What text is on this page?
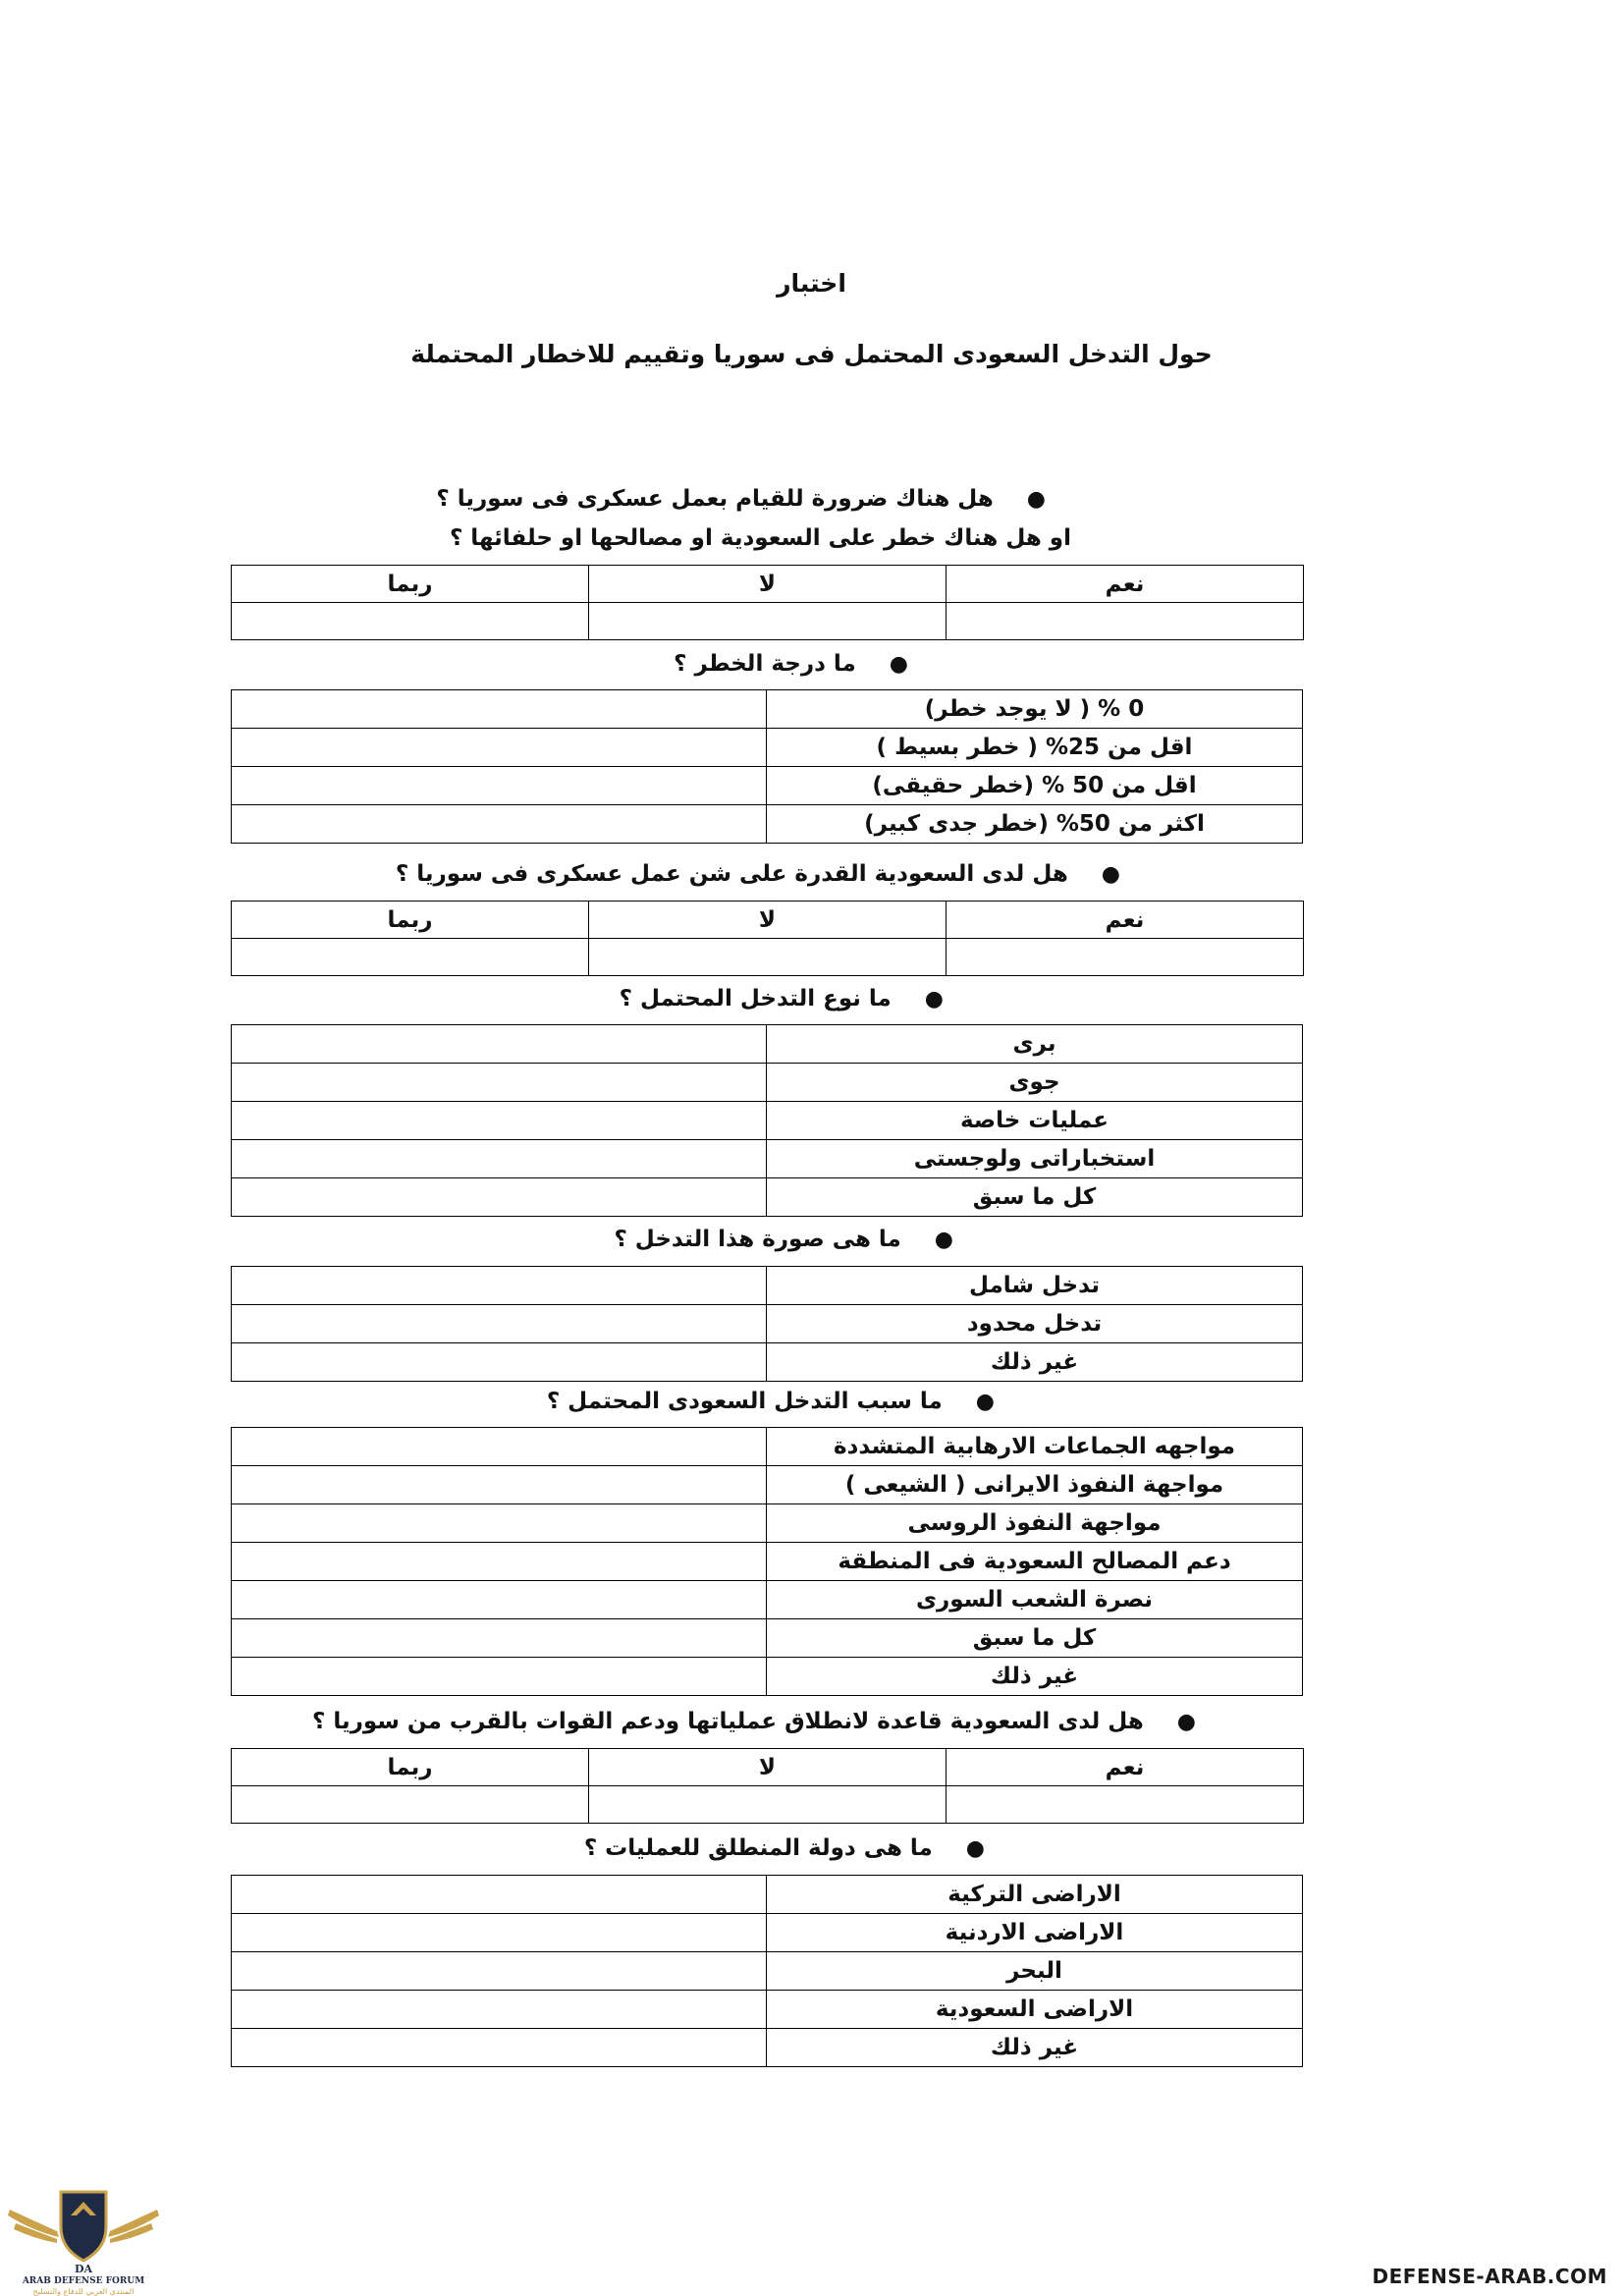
اختبار
حول التدخل السعودى المحتمل فى سوريا وتقييم للاخطار المحتملة
●هل هناك ضرورة للقيام بعمل عسكرى فى سوريا ؟
او هل هناك خطر على السعودية او مصالحها او حلفائها ؟
نعم	لا	ربما

●ما درجة الخطر ؟
0 % ( لا يوجد خطر)	
اقل من 25% ( خطر بسيط )	
اقل من 50 % (خطر حقيقى)	
اكثر من 50% (خطر جدى كبير)	
●هل لدى السعودية القدرة على شن عمل عسكرى فى سوريا ؟
نعم	لا	ربما

●ما نوع التدخل المحتمل ؟
برى	
جوى	
عمليات خاصة	
استخباراتى ولوجستى	
كل ما سبق	
●ما هى صورة هذا التدخل ؟
تدخل شامل	
تدخل محدود	
غير ذلك	
●ما سبب التدخل السعودى المحتمل ؟
مواجهه الجماعات الارهابية المتشددة	
مواجهة النفوذ الايرانى ( الشيعى )	
مواجهة النفوذ الروسى	
دعم المصالح السعودية فى المنطقة	
نصرة الشعب السورى	
كل ما سبق	
غير ذلك	
●هل لدى السعودية قاعدة لانطلاق عملياتها ودعم القوات بالقرب من سوريا ؟
نعم	لا	ربما

●ما هى دولة المنطلق للعمليات ؟
الاراضى التركية	
الاراضى الاردنية	
البحر	
الاراضى السعودية	
غير ذلك	
DA
ARAB DEFENSE FORUM
المنتدى العربي للدفاع والتسليح
DEFENSE-ARAB.COM
